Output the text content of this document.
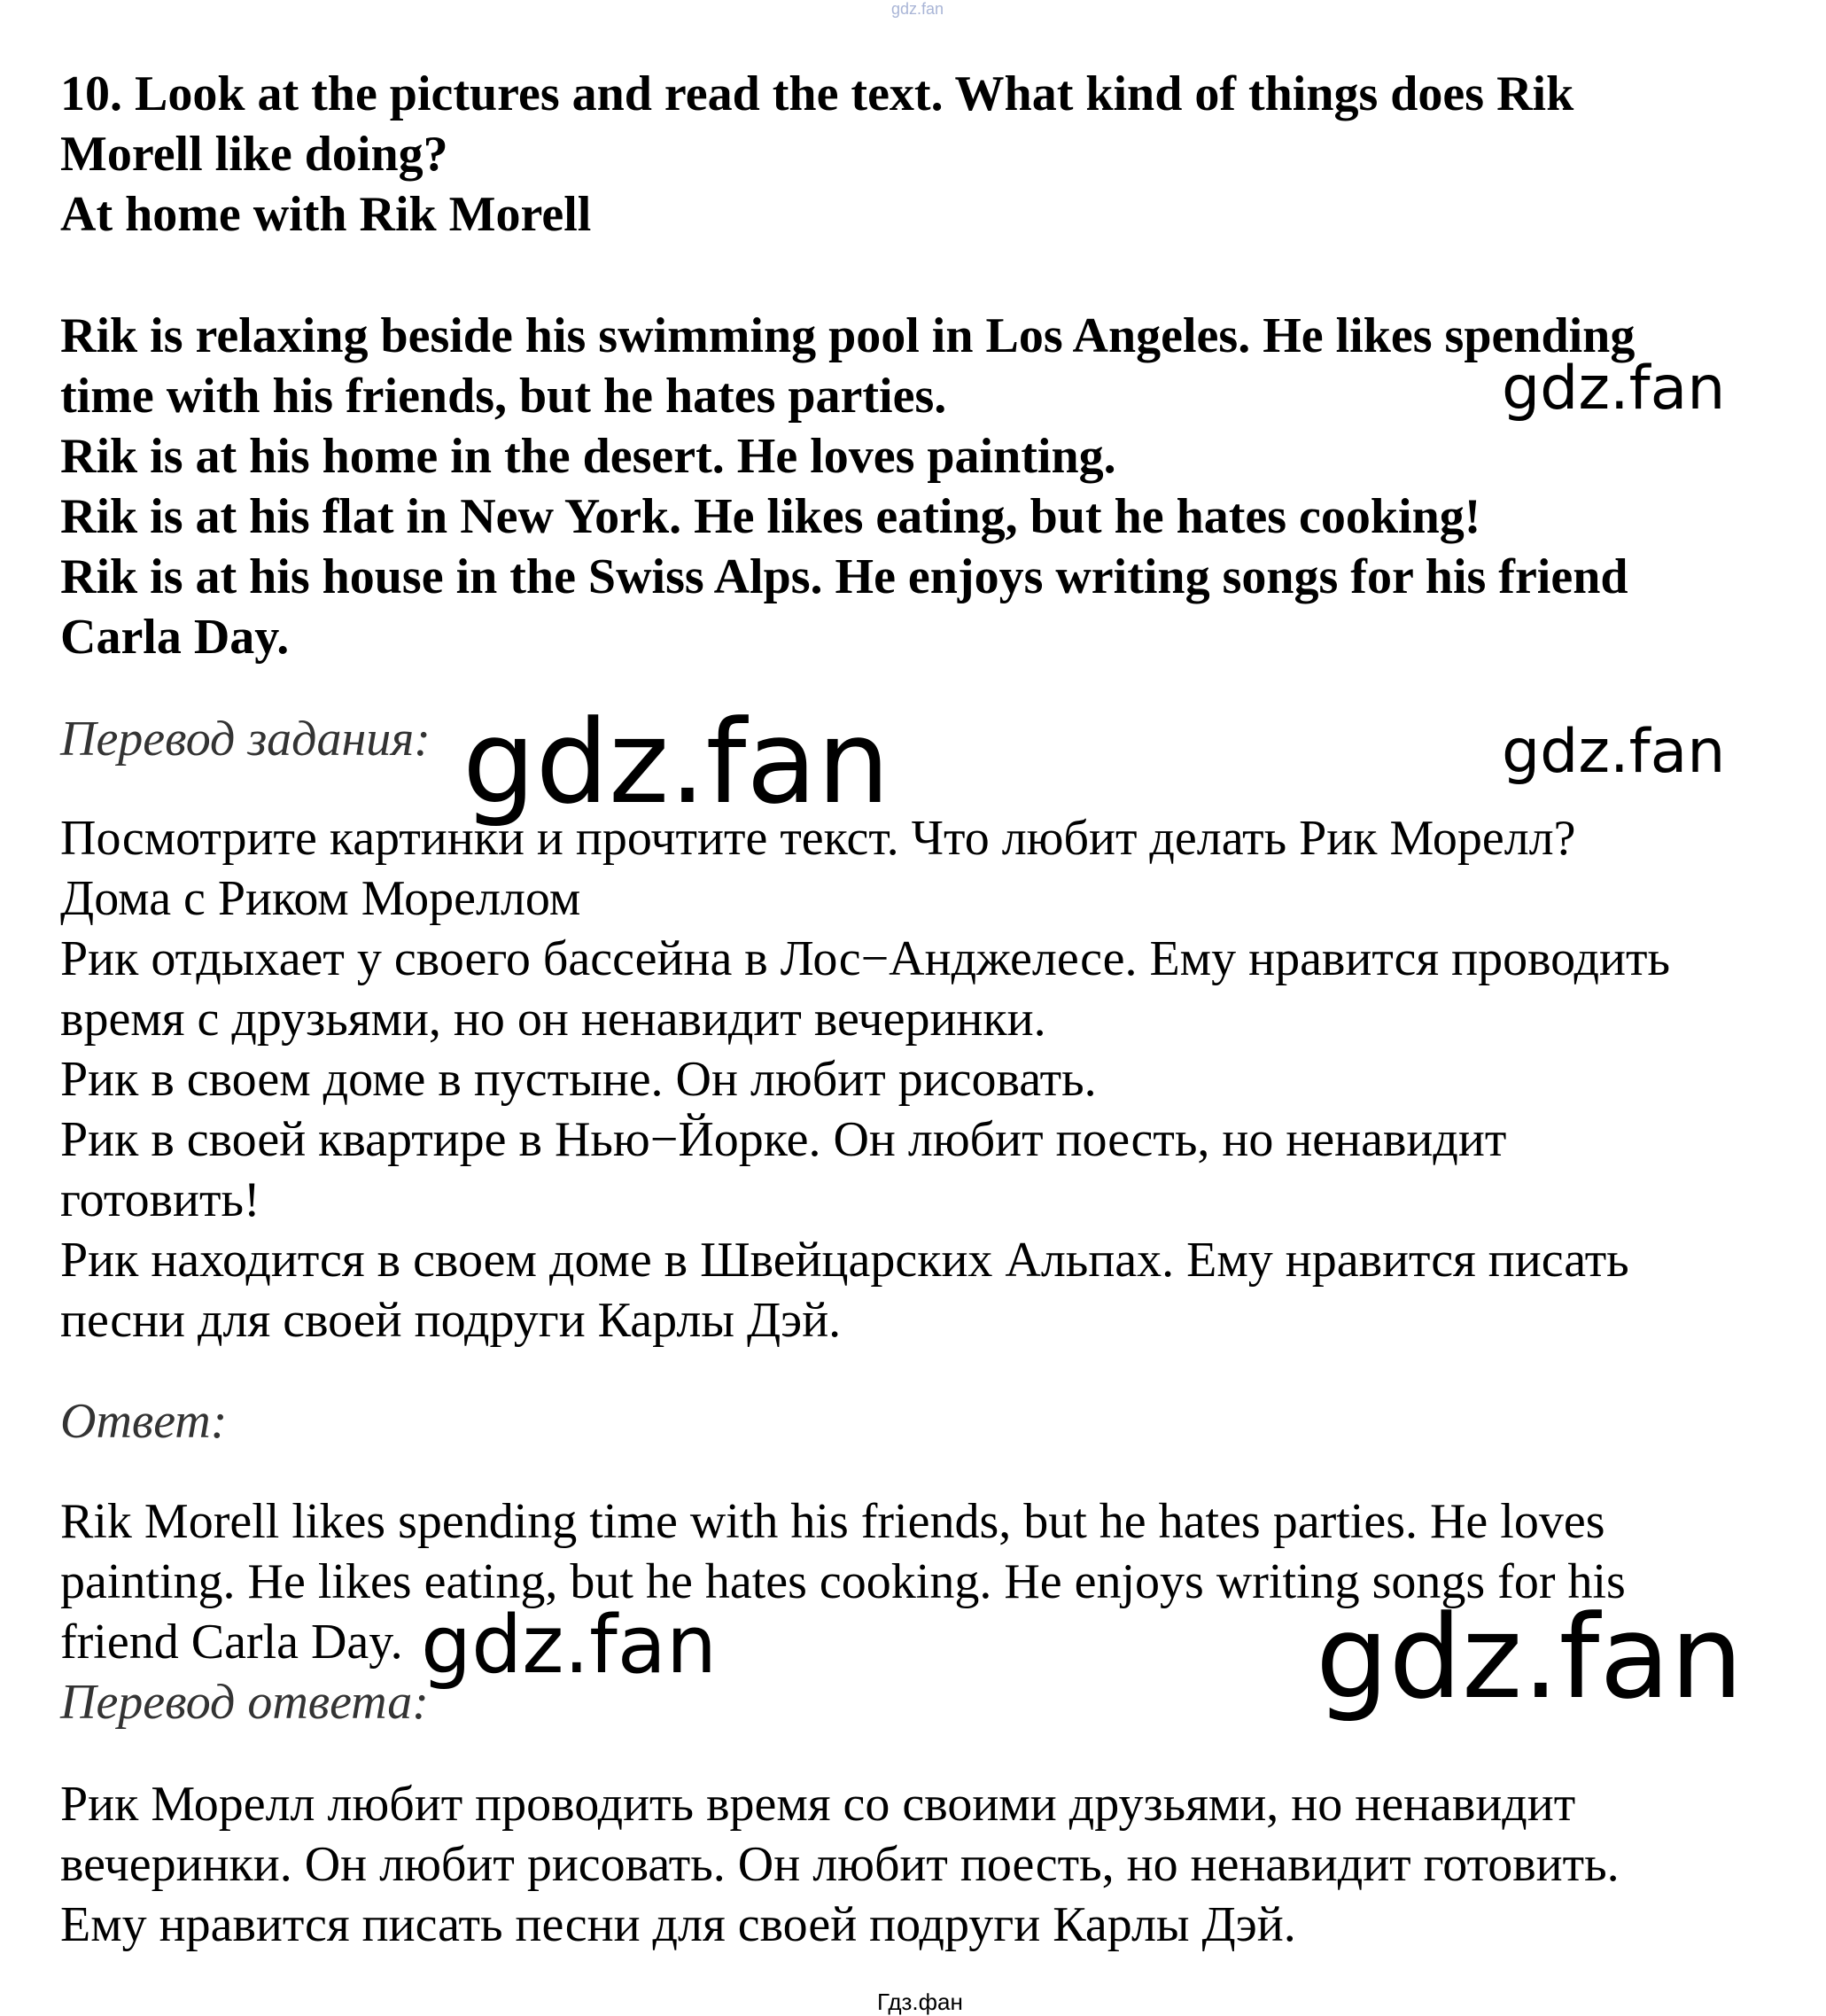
gdz.fan
10. Look at the pictures and read the text. What kind of things does Rik
Morell like doing?
At home with Rik Morell
Rik is relaxing beside his swimming pool in Los Angeles. He likes spending
time with his friends, but he hates parties.
Rik is at his home in the desert. He loves painting.
Rik is at his flat in New York. He likes eating, but he hates cooking!
Rik is at his house in the Swiss Alps. He enjoys writing songs for his friend
Carla Day.
Перевод задания:
Посмотрите картинки и прочтите текст. Что любит делать Рик Морелл?
Дома с Риком Мореллом
Рик отдыхает у своего бассейна в Лос−Анджелесе. Ему нравится проводить
время с друзьями, но он ненавидит вечеринки.
Рик в своем доме в пустыне. Он любит рисовать.
Рик в своей квартире в Нью−Йорке. Он любит поесть, но ненавидит
готовить!
Рик находится в своем доме в Швейцарских Альпах. Ему нравится писать
песни для своей подруги Карлы Дэй.
Ответ:
Rik Morell likes spending time with his friends, but he hates parties. He loves
painting. He likes eating, but he hates cooking. He enjoys writing songs for his
friend Carla Day.
Перевод ответа:
Рик Морелл любит проводить время со своими друзьями, но ненавидит
вечеринки. Он любит рисовать. Он любит поесть, но ненавидит готовить.
Ему нравится писать песни для своей подруги Карлы Дэй.
gdz.fan
gdz.fan	gdz.fan
gdz.fan	gdz.fan
Гдз.фан
